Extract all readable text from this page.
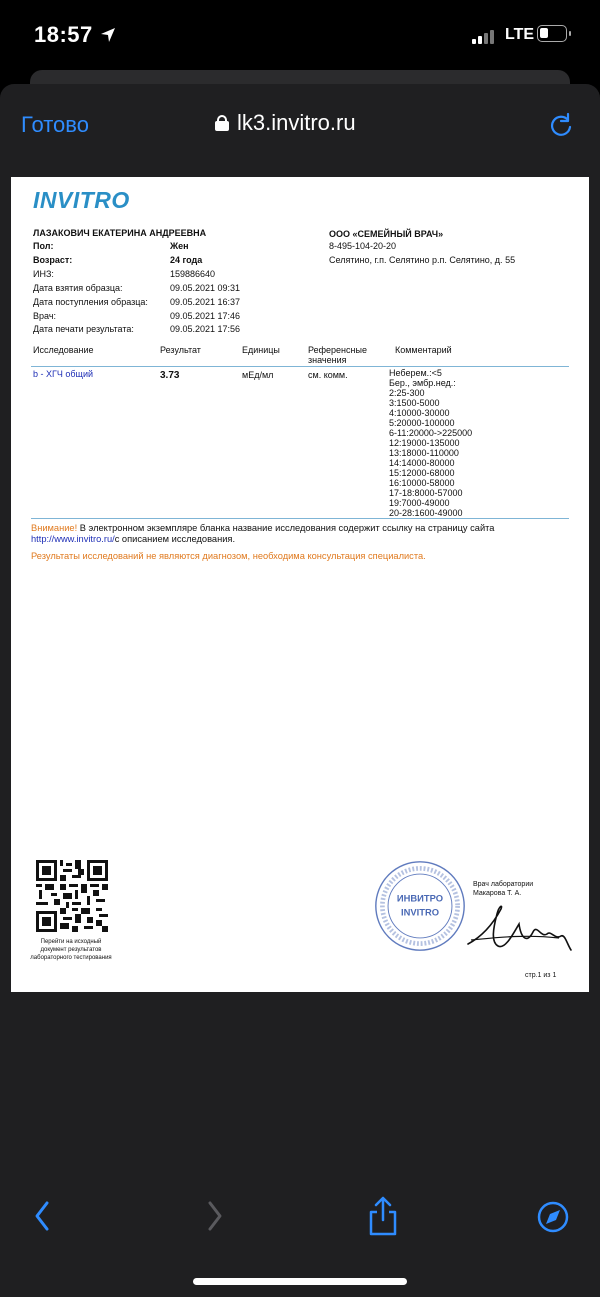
18:57	LTE
Готово	lk3.invitro.ru
INVITRO
ЛАЗАКОВИЧ ЕКАТЕРИНА АНДРЕЕВНА
Пол:	Жен
Возраст:	24 года
ИНЗ:	159886640
Дата взятия образца:	09.05.2021 09:31
Дата поступления образца: 09.05.2021 16:37
Врач:	09.05.2021 17:46
Дата печати результата:	09.05.2021 17:56
ООО «СЕМЕЙНЫЙ ВРАЧ»
8-495-104-20-20
Селятино, г.п. Селятино р.п. Селятино, д. 55
Исследование	Результат	Единицы	Референсные
значения
Комментарий
b - ХГЧ общий	3.73	мЕд/мл	см. комм.	Неберем.:<5
Бер., эмбр.нед.:
2:25-300
3:1500-5000
4:10000-30000
5:20000-100000
6-11:20000->225000
12:19000-135000
13:18000-110000
14:14000-80000
15:12000-68000
16:10000-58000
17-18:8000-57000
19:7000-49000
20-28:1600-49000
Внимание! В электронном экземпляре бланка название исследования содержит ссылку на страницу сайта
http://www.invitro.ru/с описанием исследования.
Результаты исследований не являются диагнозом, необходима консультация специалиста.
Перейти на исходный
документ результатов
лабораторного тестирования
ИНВИТРО
INVITRO
Врач лаборатории
Макарова Т. А.
стр.1 из 1
